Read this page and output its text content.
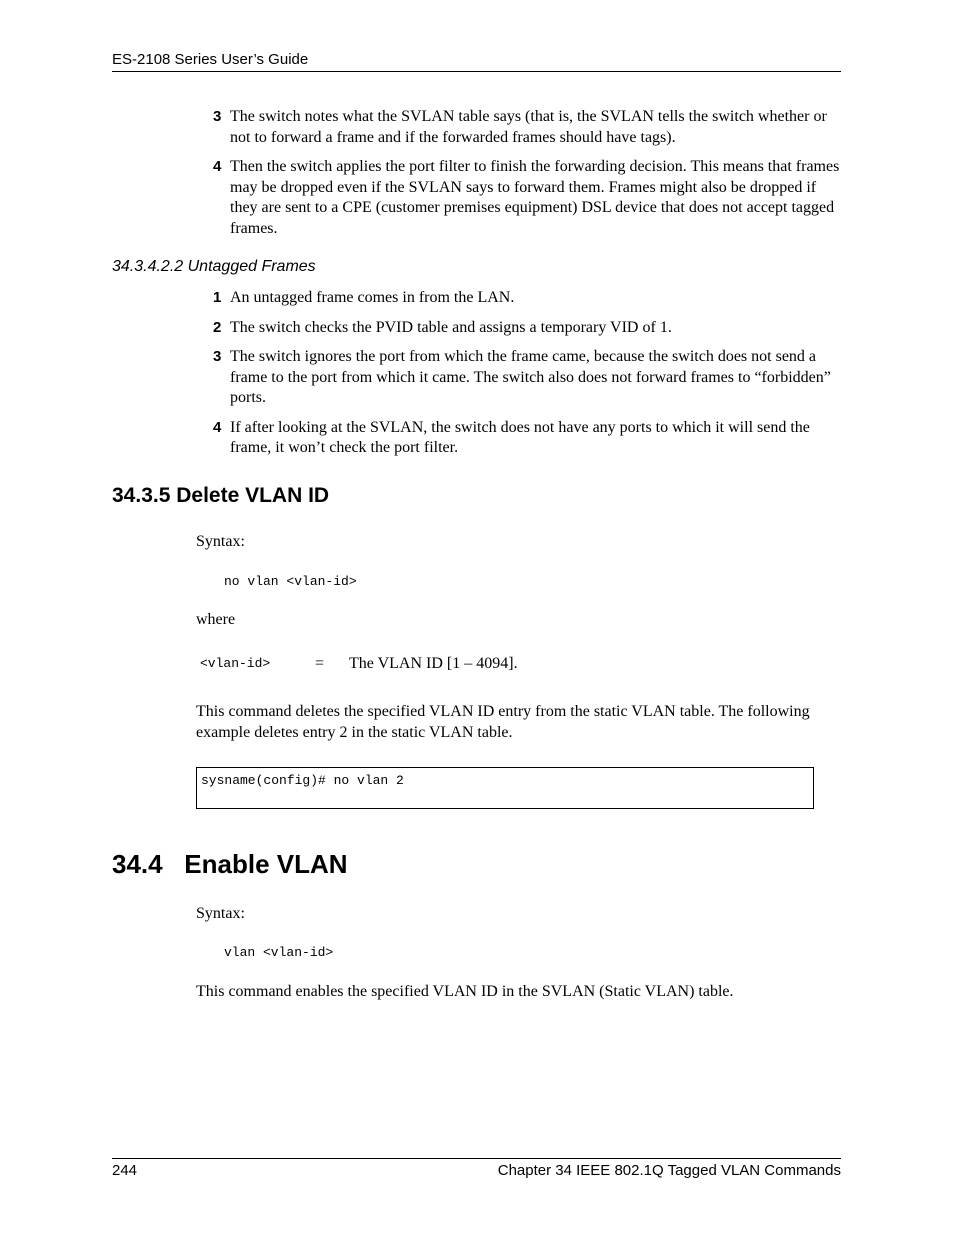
ES-2108 Series User’s Guide
3 The switch notes what the SVLAN table says (that is, the SVLAN tells the switch whether or not to forward a frame and if the forwarded frames should have tags).
4 Then the switch applies the port filter to finish the forwarding decision. This means that frames may be dropped even if the SVLAN says to forward them. Frames might also be dropped if they are sent to a CPE (customer premises equipment) DSL device that does not accept tagged frames.
34.3.4.2.2 Untagged Frames
1 An untagged frame comes in from the LAN.
2 The switch checks the PVID table and assigns a temporary VID of 1.
3 The switch ignores the port from which the frame came, because the switch does not send a frame to the port from which it came. The switch also does not forward frames to “forbidden” ports.
4 If after looking at the SVLAN, the switch does not have any ports to which it will send the frame, it won’t check the port filter.
34.3.5 Delete VLAN ID
Syntax:
no vlan <vlan-id>
where
<vlan-id>	=	The VLAN ID [1 – 4094].
This command deletes the specified VLAN ID entry from the static VLAN table. The following example deletes entry 2 in the static VLAN table.
sysname(config)# no vlan 2
34.4   Enable VLAN
Syntax:
vlan <vlan-id>
This command enables the specified VLAN ID in the SVLAN (Static VLAN) table.
244	Chapter 34 IEEE 802.1Q Tagged VLAN Commands
